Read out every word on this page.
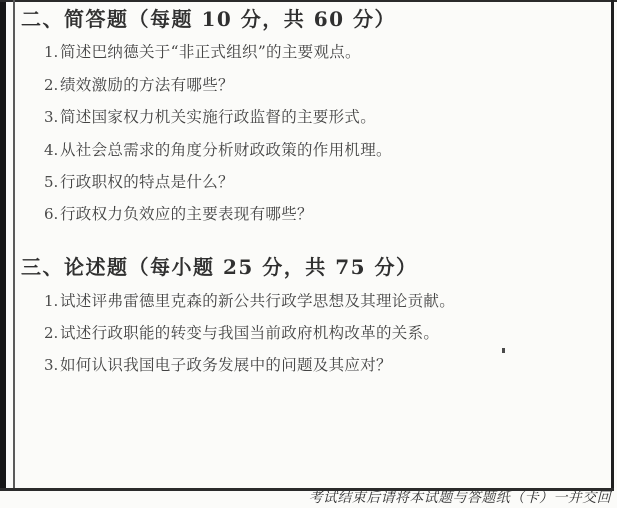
二、简答题（每题 10 分，共 60 分）
1. 简述巴纳德关于“非正式组织”的主要观点。
2. 绩效激励的方法有哪些？
3. 简述国家权力机关实施行政监督的主要形式。
4. 从社会总需求的角度分析财政政策的作用机理。
5. 行政职权的特点是什么？
6. 行政权力负效应的主要表现有哪些？
三、论述题（每小题 25 分，共 75 分）
1. 试述评弗雷德里克森的新公共行政学思想及其理论贡献。
2. 试述行政职能的转变与我国当前政府机构改革的关系。
3. 如何认识我国电子政务发展中的问题及其应对？
考试结束后请将本试题与答题纸（卡）一并交回
